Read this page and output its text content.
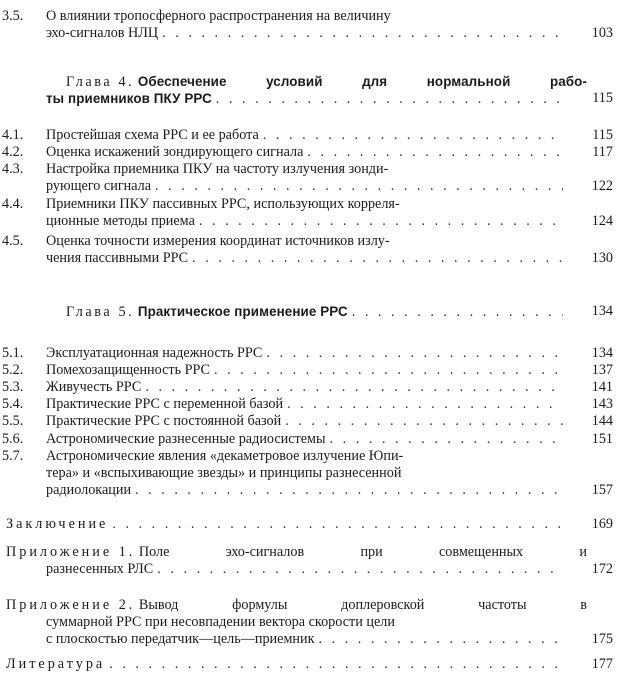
3.5.	О влиянии тропосферного распространения на величину
эхо-сигналов НЛЦ . . .	103
Глава 4.
Обеспечение условий для нормальной рабо-
ты приемников ПКУ РРС . . .	115
4.1.	Простейшая схема РРС и ее работа . . .	115
4.2.	Оценка искажений зондирующего сигнала . . .	117
4.3.	Настройка приемника ПКУ на частоту излучения зонди-
рующего сигнала . . .	122
4.4.	Приемники ПКУ пассивных РРС, использующих корреля-
ционные методы приема . . .	124
4.5.	Оценка точности измерения координат источников излу-
чения пассивными РРС . . .	130
Глава 5.
Практическое применение РРС . . .	134
5.1.	Эксплуатационная надежность РРС . . .	134
5.2.	Помехозащищенность РРС . . .	137
5.3.	Живучесть РРС . . .	141
5.4.	Практические РРС с переменной базой . . .	143
5.5.	Практические РРС с постоянной базой . . .	144
5.6.	Астрономические разнесенные радиосистемы . . .	151
5.7.	Астрономические явления «декаметровое излучение Юпи-
тера» и «вспыхивающие звезды» и принципы разнесенной
радиолокации . . .	157
Заключение . . .	169
Приложение 1.
Поле эхо-сигналов при совмещенных и
разнесенных РЛС . . .	172
Приложение 2.
Вывод формулы доплеровской частоты в
суммарной РРС при несовпадении вектора скорости цели
с плоскостью передатчик—цель—приемник . . .	175
Литература . . .	177
